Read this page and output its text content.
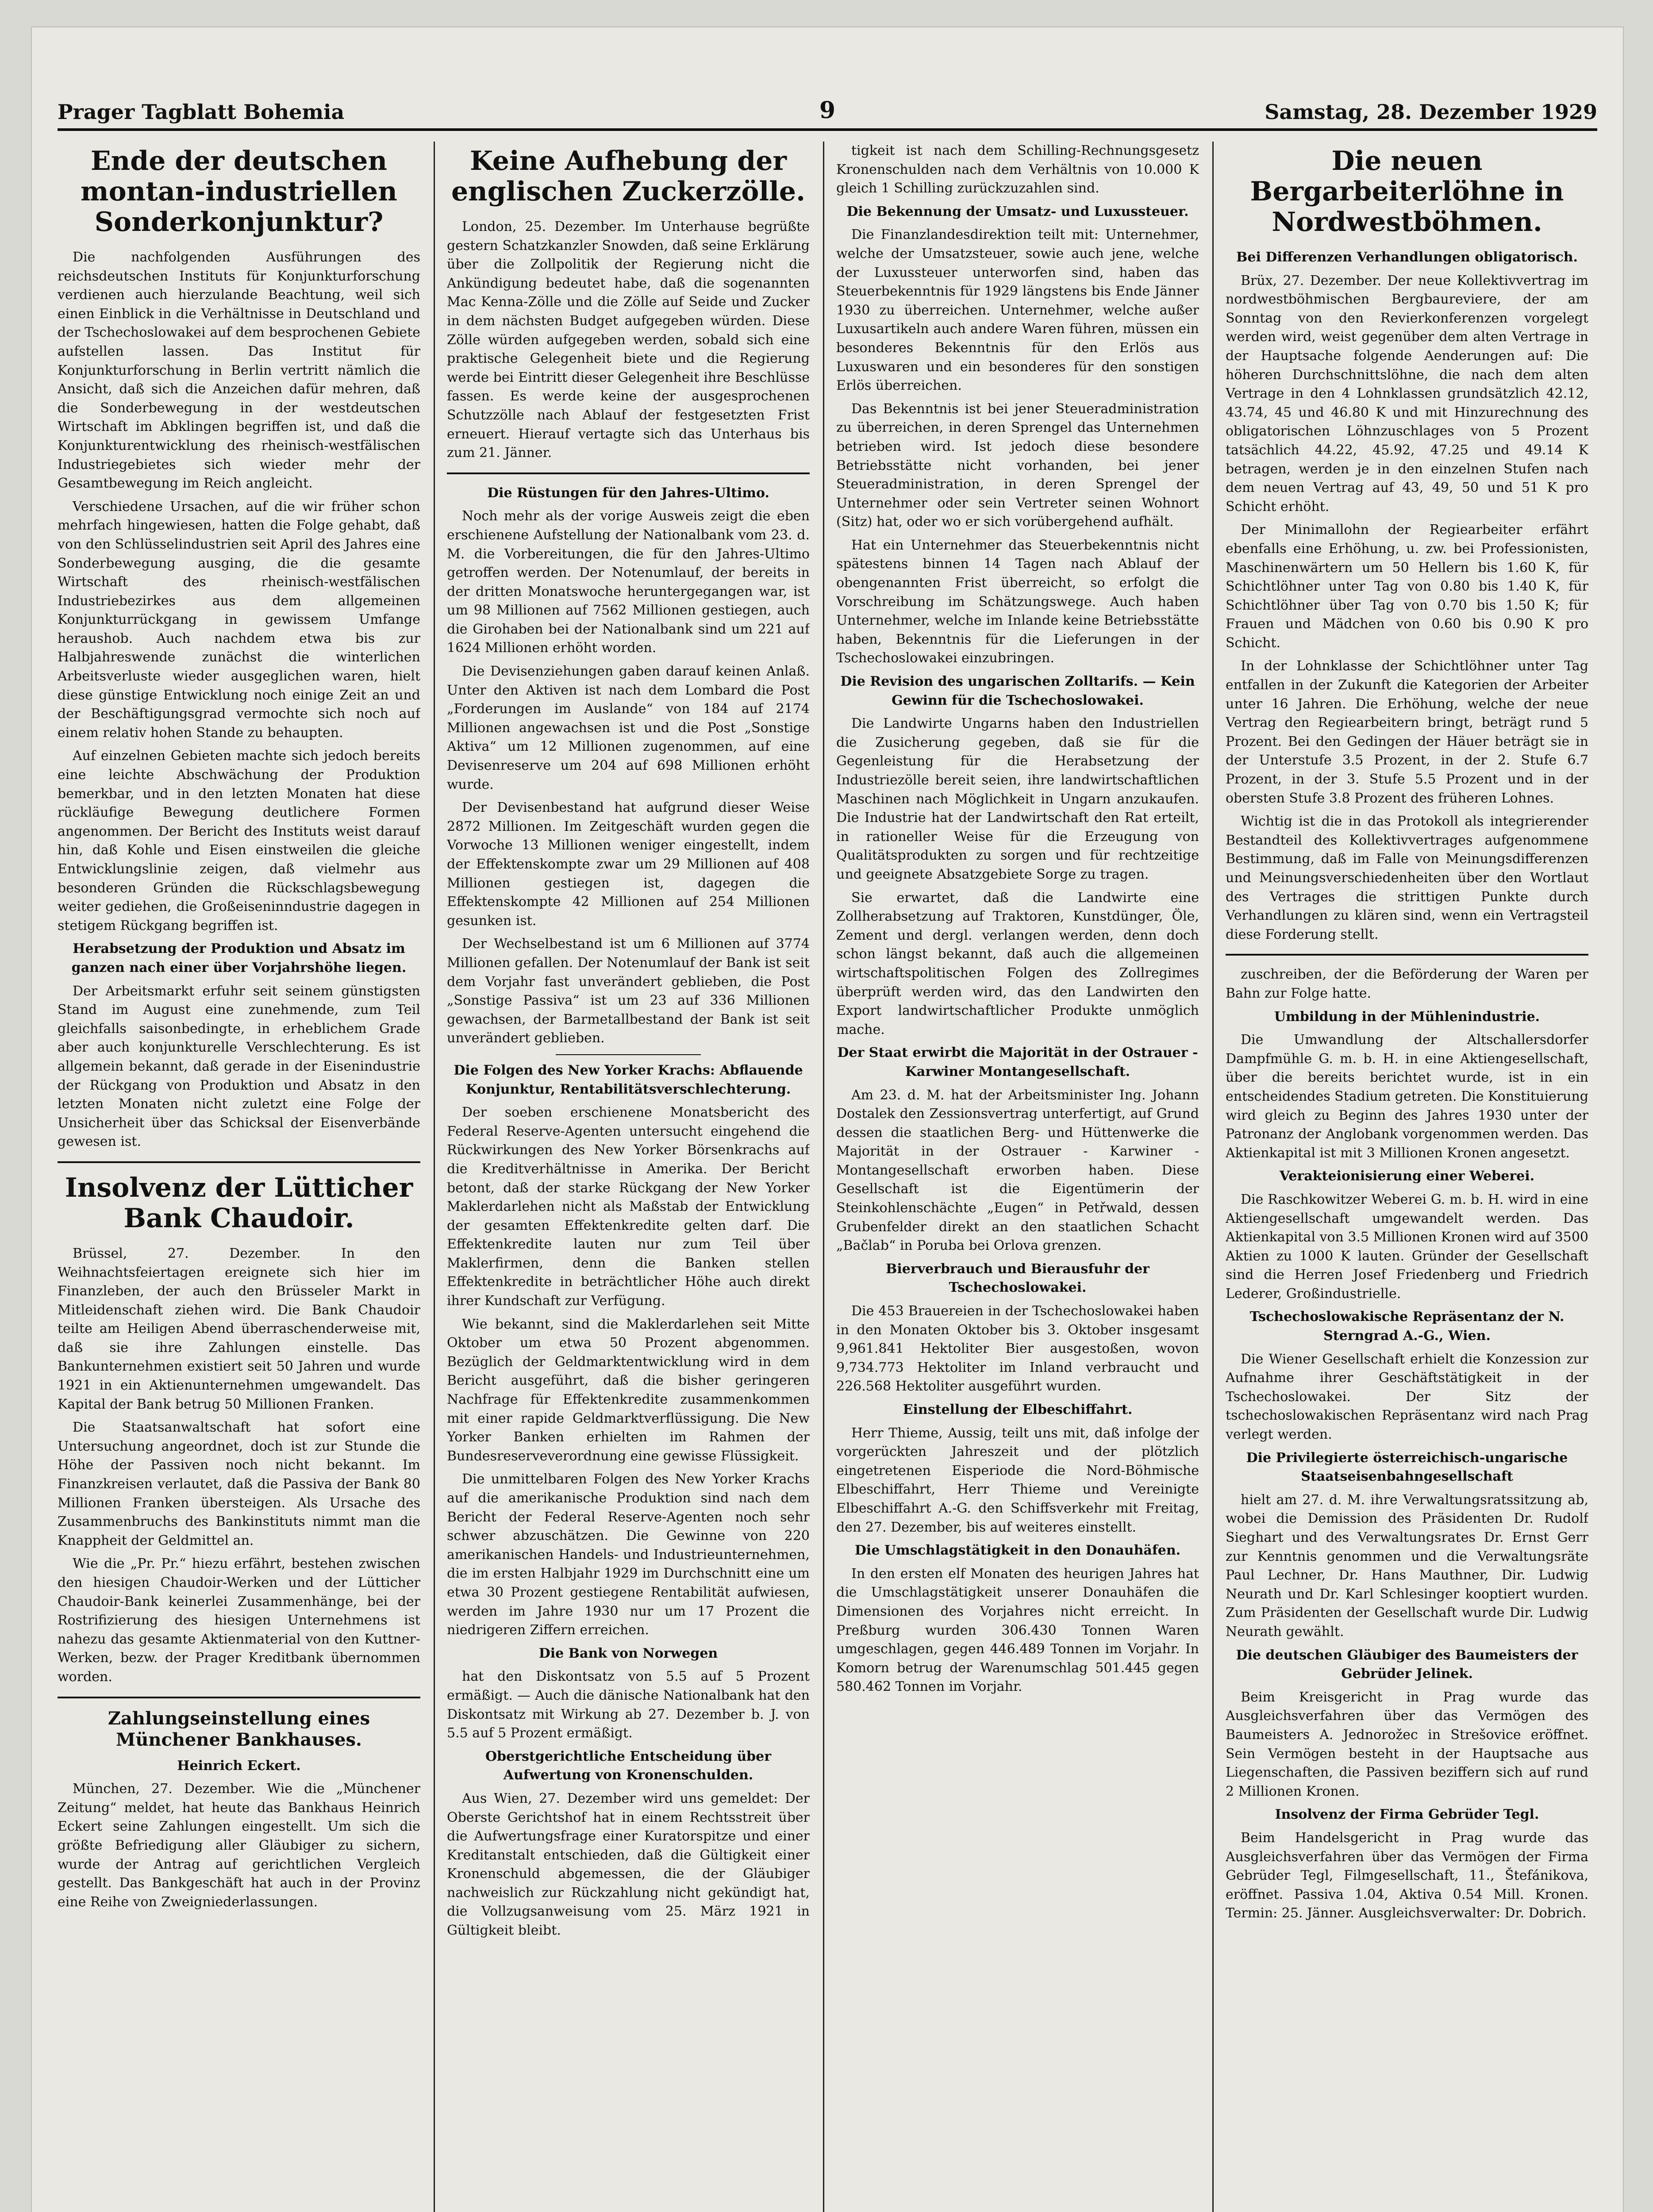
Prager Tagblatt Bohemia	9	Samstag, 28. Dezember 1929
Ende der deutschen montan-industriellen Sonderkonjunktur?

Die nachfolgenden Ausführungen des reichsdeutschen Instituts für Konjunkturforschung verdienen auch hierzulande Beachtung, weil sich einen Einblick in die Verhältnisse in Deutschland und der Tschechoslowakei auf dem besprochenen Gebiete aufstellen lassen. Das Institut für Konjunkturforschung in Berlin vertritt nämlich die Ansicht, daß sich die Anzeichen dafür mehren, daß die Sonderbewegung in der westdeutschen Wirtschaft im Abklingen begriffen ist, und daß die Konjunkturentwicklung des rheinisch-westfälischen Industriegebietes sich wieder mehr der Gesamtbewegung im Reich angleicht.

Verschiedene Ursachen, auf die wir früher schon mehrfach hingewiesen, hatten die Folge gehabt, daß von den Schlüsselindustrien seit April des Jahres eine Sonderbewegung ausging, die die gesamte Wirtschaft des rheinisch-westfälischen Industriebezirkes aus dem allgemeinen Konjunkturrückgang in gewissem Umfange heraushob. Auch nachdem etwa bis zur Halbjahreswende zunächst die winterlichen Arbeitsverluste wieder ausgeglichen waren, hielt diese günstige Entwicklung noch einige Zeit an und der Beschäftigungsgrad vermochte sich noch auf einem relativ hohen Stande zu behaupten.

Auf einzelnen Gebieten machte sich jedoch bereits eine leichte Abschwächung der Produktion bemerkbar, und in den letzten Monaten hat diese rückläufige Bewegung deutlichere Formen angenommen. Der Bericht des Instituts weist darauf hin, daß Kohle und Eisen einstweilen die gleiche Entwicklungslinie zeigen, daß vielmehr aus besonderen Gründen die Rückschlagsbewegung weiter gediehen, die Großeiseninndustrie dagegen in stetigem Rückgang begriffen ist.

Herabsetzung der Produktion und Absatz im ganzen nach einer über Vorjahrshöhe liegen.

Der Arbeitsmarkt erfuhr seit seinem günstigsten Stand im August eine zunehmende, zum Teil gleichfalls saisonbedingte, in erheblichem Grade aber auch konjunkturelle Verschlechterung. Es ist allgemein bekannt, daß gerade in der Eisenindustrie der Rückgang von Produktion und Absatz in den letzten Monaten nicht zuletzt eine Folge der Unsicherheit über das Schicksal der Eisenverbände gewesen ist.

Insolvenz der Lütticher Bank Chaudoir.

Brüssel, 27. Dezember. In den Weihnachtsfeiertagen ereignete sich hier im Finanzleben, der auch den Brüsseler Markt in Mitleidenschaft ziehen wird. Die Bank Chaudoir teilte am Heiligen Abend überraschenderweise mit, daß sie ihre Zahlungen einstelle. Das Bankunternehmen existiert seit 50 Jahren und wurde 1921 in ein Aktienunternehmen umgewandelt. Das Kapital der Bank betrug 50 Millionen Franken.

Die Staatsanwaltschaft hat sofort eine Untersuchung angeordnet, doch ist zur Stunde die Höhe der Passiven noch nicht bekannt. Im Finanzkreisen verlautet, daß die Passiva der Bank 80 Millionen Franken übersteigen. Als Ursache des Zusammenbruchs des Bankinstituts nimmt man die Knappheit der Geldmittel an.

Wie die „Pr. Pr.“ hiezu erfährt, bestehen zwischen den hiesigen Chaudoir-Werken und der Lütticher Chaudoir-Bank keinerlei Zusammenhänge, bei der Rostrifizierung des hiesigen Unternehmens ist nahezu das gesamte Aktienmaterial von den Kuttner-Werken, bezw. der Prager Kreditbank übernommen worden.

Zahlungseinstellung eines Münchener Bankhauses.
Heinrich Eckert.

München, 27. Dezember. Wie die „Münchener Zeitung“ meldet, hat heute das Bankhaus Heinrich Eckert seine Zahlungen eingestellt. Um sich die größte Befriedigung aller Gläubiger zu sichern, wurde der Antrag auf gerichtlichen Vergleich gestellt. Das Bankgeschäft hat auch in der Provinz eine Reihe von Zweigniederlassungen.

Keine Aufhebung der englischen Zuckerzölle.

London, 25. Dezember. Im Unterhause begrüßte gestern Schatzkanzler Snowden, daß seine Erklärung über die Zollpolitik der Regierung nicht die Ankündigung bedeutet habe, daß die sogenannten Mac Kenna-Zölle und die Zölle auf Seide und Zucker in dem nächsten Budget aufgegeben würden. Diese Zölle würden aufgegeben werden, sobald sich eine praktische Gelegenheit biete und die Regierung werde bei Eintritt dieser Gelegenheit ihre Beschlüsse fassen. Es werde keine der ausgesprochenen Schutzzölle nach Ablauf der festgesetzten Frist erneuert. Hierauf vertagte sich das Unterhaus bis zum 21. Jänner.

Die Rüstungen für den Jahres-Ultimo.

Noch mehr als der vorige Ausweis zeigt die eben erschienene Aufstellung der Nationalbank vom 23. d. M. die Vorbereitungen, die für den Jahres-Ultimo getroffen werden. Der Notenumlauf, der bereits in der dritten Monatswoche heruntergegangen war, ist um 98 Millionen auf 7562 Millionen gestiegen, auch die Girohaben bei der Nationalbank sind um 221 auf 1624 Millionen erhöht worden.

Die Devisenziehungen gaben darauf keinen Anlaß. Unter den Aktiven ist nach dem Lombard die Post „Forderungen im Auslande“ von 184 auf 2174 Millionen angewachsen ist und die Post „Sonstige Aktiva“ um 12 Millionen zugenommen, auf eine Devisenreserve um 204 auf 698 Millionen erhöht wurde.

Der Devisenbestand hat aufgrund dieser Weise 2872 Millionen. Im Zeitgeschäft wurden gegen die Vorwoche 13 Millionen weniger eingestellt, indem der Effektenskompte zwar um 29 Millionen auf 408 Millionen gestiegen ist, dagegen die Effektenskompte 42 Millionen auf 254 Millionen gesunken ist.

Der Wechselbestand ist um 6 Millionen auf 3774 Millionen gefallen. Der Notenumlauf der Bank ist seit dem Vorjahr fast unverändert geblieben, die Post „Sonstige Passiva“ ist um 23 auf 336 Millionen gewachsen, der Barmetallbestand der Bank ist seit unverändert geblieben.

Die Folgen des New Yorker Krachs: Abflauende Konjunktur, Rentabilitätsverschlechterung.

Der soeben erschienene Monatsbericht des Federal Reserve-Agenten untersucht eingehend die Rückwirkungen des New Yorker Börsenkrachs auf die Kreditverhältnisse in Amerika. Der Bericht betont, daß der starke Rückgang der New Yorker Maklerdarlehen nicht als Maßstab der Entwicklung der gesamten Effektenkredite gelten darf. Die Effektenkredite lauten nur zum Teil über Maklerfirmen, denn die Banken stellen Effektenkredite in beträchtlicher Höhe auch direkt ihrer Kundschaft zur Verfügung.

Wie bekannt, sind die Maklerdarlehen seit Mitte Oktober um etwa 50 Prozent abgenommen. Bezüglich der Geldmarktentwicklung wird in dem Bericht ausgeführt, daß die bisher geringeren Nachfrage für Effektenkredite zusammenkommen mit einer rapide Geldmarktverflüssigung. Die New Yorker Banken erhielten im Rahmen der Bundesreserveverordnung eine gewisse Flüssigkeit.

Die unmittelbaren Folgen des New Yorker Krachs auf die amerikanische Produktion sind nach dem Bericht der Federal Reserve-Agenten noch sehr schwer abzuschätzen. Die Gewinne von 220 amerikanischen Handels- und Industrieunternehmen, die im ersten Halbjahr 1929 im Durchschnitt eine um etwa 30 Prozent gestiegene Rentabilität aufwiesen, werden im Jahre 1930 nur um 17 Prozent die niedrigeren Ziffern erreichen.

Die Bank von Norwegen

hat den Diskontsatz von 5.5 auf 5 Prozent ermäßigt. — Auch die dänische Nationalbank hat den Diskontsatz mit Wirkung ab 27. Dezember b. J. von 5.5 auf 5 Prozent ermäßigt.

Oberstgerichtliche Entscheidung über Aufwertung von Kronenschulden.

Aus Wien, 27. Dezember wird uns gemeldet: Der Oberste Gerichtshof hat in einem Rechtsstreit über die Aufwertungsfrage einer Kuratorspitze und einer Kreditanstalt entschieden, daß die Gültigkeit einer Kronenschuld abgemessen, die der Gläubiger nachweislich zur Rückzahlung nicht gekündigt hat, die Vollzugsanweisung vom 25. März 1921 in Gültigkeit bleibt.

tigkeit ist nach dem Schilling-Rechnungsgesetz Kronenschulden nach dem Verhältnis von 10.000 K gleich 1 Schilling zurückzuzahlen sind.

Die Bekennung der Umsatz- und Luxussteuer.

Die Finanzlandesdirektion teilt mit: Unternehmer, welche der Umsatzsteuer, sowie auch jene, welche der Luxussteuer unterworfen sind, haben das Steuerbekenntnis für 1929 längstens bis Ende Jänner 1930 zu überreichen. Unternehmer, welche außer Luxusartikeln auch andere Waren führen, müssen ein besonderes Bekenntnis für den Erlös aus Luxuswaren und ein besonderes für den sonstigen Erlös überreichen.

Das Bekenntnis ist bei jener Steueradministration zu überreichen, in deren Sprengel das Unternehmen betrieben wird. Ist jedoch diese besondere Betriebsstätte nicht vorhanden, bei jener Steueradministration, in deren Sprengel der Unternehmer oder sein Vertreter seinen Wohnort (Sitz) hat, oder wo er sich vorübergehend aufhält.

Hat ein Unternehmer das Steuerbekenntnis nicht spätestens binnen 14 Tagen nach Ablauf der obengenannten Frist überreicht, so erfolgt die Vorschreibung im Schätzungswege. Auch haben Unternehmer, welche im Inlande keine Betriebsstätte haben, Bekenntnis für die Lieferungen in der Tschechoslowakei einzubringen.

Die Revision des ungarischen Zolltarifs. — Kein Gewinn für die Tschechoslowakei.

Die Landwirte Ungarns haben den Industriellen die Zusicherung gegeben, daß sie für die Gegenleistung für die Herabsetzung der Industriezölle bereit seien, ihre landwirtschaftlichen Maschinen nach Möglichkeit in Ungarn anzukaufen. Die Industrie hat der Landwirtschaft den Rat erteilt, in rationeller Weise für die Erzeugung von Qualitätsprodukten zu sorgen und für rechtzeitige und geeignete Absatzgebiete Sorge zu tragen.

Sie erwartet, daß die Landwirte eine Zollherabsetzung auf Traktoren, Kunstdünger, Öle, Zement und dergl. verlangen werden, denn doch schon längst bekannt, daß auch die allgemeinen wirtschaftspolitischen Folgen des Zollregimes überprüft werden wird, das den Landwirten den Export landwirtschaftlicher Produkte unmöglich mache.

Der Staat erwirbt die Majorität in der Ostrauer - Karwiner Montangesellschaft.

Am 23. d. M. hat der Arbeitsminister Ing. Johann Dostalek den Zessionsvertrag unterfertigt, auf Grund dessen die staatlichen Berg- und Hüttenwerke die Majorität in der Ostrauer - Karwiner - Montangesellschaft erworben haben. Diese Gesellschaft ist die Eigentümerin der Steinkohlenschächte „Eugen“ in Petřwald, dessen Grubenfelder direkt an den staatlichen Schacht „Bačlab“ in Poruba bei Orlova grenzen.

Bierverbrauch und Bierausfuhr der Tschechoslowakei.

Die 453 Brauereien in der Tschechoslowakei haben in den Monaten Oktober bis 3. Oktober insgesamt 9,961.841 Hektoliter Bier ausgestoßen, wovon 9,734.773 Hektoliter im Inland verbraucht und 226.568 Hektoliter ausgeführt wurden.

Einstellung der Elbeschiffahrt.

Herr Thieme, Aussig, teilt uns mit, daß infolge der vorgerückten Jahreszeit und der plötzlich eingetretenen Eisperiode die Nord-Böhmische Elbeschiffahrt, Herr Thieme und Vereinigte Elbeschiffahrt A.-G. den Schiffsverkehr mit Freitag, den 27. Dezember, bis auf weiteres einstellt.

Die Umschlagstätigkeit in den Donauhäfen.

In den ersten elf Monaten des heurigen Jahres hat die Umschlagstätigkeit unserer Donauhäfen die Dimensionen des Vorjahres nicht erreicht. In Preßburg wurden 306.430 Tonnen Waren umgeschlagen, gegen 446.489 Tonnen im Vorjahr. In Komorn betrug der Warenumschlag 501.445 gegen 580.462 Tonnen im Vorjahr.

Die neuen Bergarbeiterlöhne in Nordwestböhmen.
Bei Differenzen Verhandlungen obligatorisch.

Brüx, 27. Dezember. Der neue Kollektivvertrag im nordwestböhmischen Bergbaureviere, der am Sonntag von den Revierkonferenzen vorgelegt werden wird, weist gegenüber dem alten Vertrage in der Hauptsache folgende Aenderungen auf: Die höheren Durchschnittslöhne, die nach dem alten Vertrage in den 4 Lohnklassen grundsätzlich 42.12, 43.74, 45 und 46.80 K und mit Hinzurechnung des obligatorischen Löhnzuschlages von 5 Prozent tatsächlich 44.22, 45.92, 47.25 und 49.14 K betragen, werden je in den einzelnen Stufen nach dem neuen Vertrag auf 43, 49, 50 und 51 K pro Schicht erhöht.

Der Minimallohn der Regiearbeiter erfährt ebenfalls eine Erhöhung, u. zw. bei Professionisten, Maschinenwärtern um 50 Hellern bis 1.60 K, für Schichtlöhner unter Tag von 0.80 bis 1.40 K, für Schichtlöhner über Tag von 0.70 bis 1.50 K; für Frauen und Mädchen von 0.60 bis 0.90 K pro Schicht.

In der Lohnklasse der Schichtlöhner unter Tag entfallen in der Zukunft die Kategorien der Arbeiter unter 16 Jahren. Die Erhöhung, welche der neue Vertrag den Regiearbeitern bringt, beträgt rund 5 Prozent. Bei den Gedingen der Häuer beträgt sie in der Unterstufe 3.5 Prozent, in der 2. Stufe 6.7 Prozent, in der 3. Stufe 5.5 Prozent und in der obersten Stufe 3.8 Prozent des früheren Lohnes.

Wichtig ist die in das Protokoll als integrierender Bestandteil des Kollektivvertrages aufgenommene Bestimmung, daß im Falle von Meinungsdifferenzen und Meinungsverschiedenheiten über den Wortlaut des Vertrages die strittigen Punkte durch Verhandlungen zu klären sind, wenn ein Vertragsteil diese Forderung stellt.

zuschreiben, der die Beförderung der Waren per Bahn zur Folge hatte.

Umbildung in der Mühlenindustrie.

Die Umwandlung der Altschallersdorfer Dampfmühle G. m. b. H. in eine Aktiengesellschaft, über die bereits berichtet wurde, ist in ein entscheidendes Stadium getreten. Die Konstituierung wird gleich zu Beginn des Jahres 1930 unter der Patronanz der Anglobank vorgenommen werden. Das Aktienkapital ist mit 3 Millionen Kronen angesetzt.

Verakteionisierung einer Weberei.

Die Raschkowitzer Weberei G. m. b. H. wird in eine Aktiengesellschaft umgewandelt werden. Das Aktienkapital von 3.5 Millionen Kronen wird auf 3500 Aktien zu 1000 K lauten. Gründer der Gesellschaft sind die Herren Josef Friedenberg und Friedrich Lederer, Großindustrielle.

Tschechoslowakische Repräsentanz der N. Sterngrad A.-G., Wien.

Die Wiener Gesellschaft erhielt die Konzession zur Aufnahme ihrer Geschäftstätigkeit in der Tschechoslowakei. Der Sitz der tschechoslowakischen Repräsentanz wird nach Prag verlegt werden.

Die Privilegierte österreichisch-ungarische Staatseisenbahngesellschaft

hielt am 27. d. M. ihre Verwaltungsratssitzung ab, wobei die Demission des Präsidenten Dr. Rudolf Sieghart und des Verwaltungsrates Dr. Ernst Gerr zur Kenntnis genommen und die Verwaltungsräte Paul Lechner, Dr. Hans Mauthner, Dir. Ludwig Neurath und Dr. Karl Schlesinger kooptiert wurden. Zum Präsidenten der Gesellschaft wurde Dir. Ludwig Neurath gewählt.

Die deutschen Gläubiger des Baumeisters der Gebrüder Jelinek.

Beim Kreisgericht in Prag wurde das Ausgleichsverfahren über das Vermögen des Baumeisters A. Jednorožec in Strešovice eröffnet. Sein Vermögen besteht in der Hauptsache aus Liegenschaften, die Passiven beziffern sich auf rund 2 Millionen Kronen.

Insolvenz der Firma Gebrüder Tegl.

Beim Handelsgericht in Prag wurde das Ausgleichsverfahren über das Vermögen der Firma Gebrüder Tegl, Filmgesellschaft, 11., Štefánikova, eröffnet. Passiva 1.04, Aktiva 0.54 Mill. Kronen. Termin: 25. Jänner. Ausgleichsverwalter: Dr. Dobrich.
